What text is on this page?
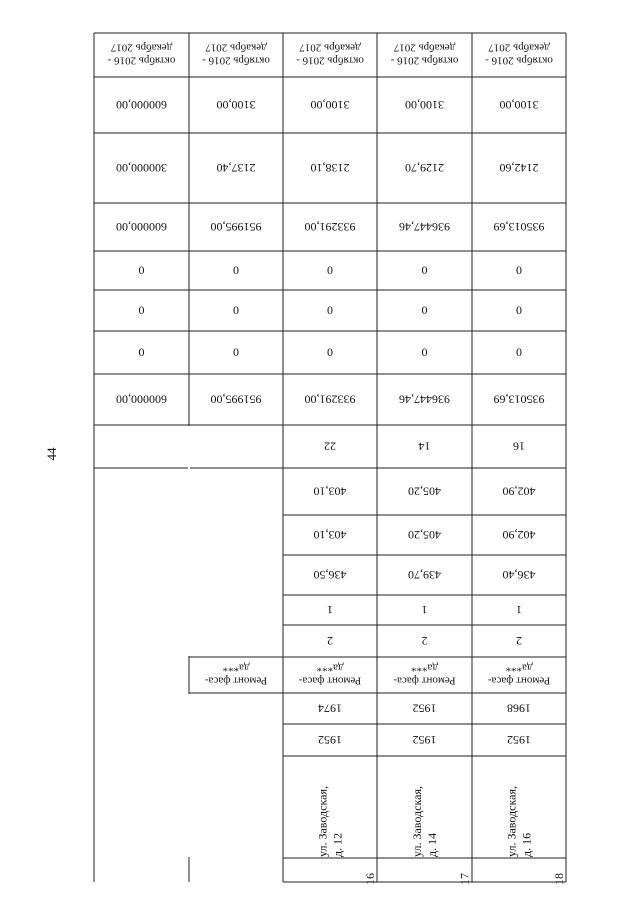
44
октябрь 2016 -
декабрь 2017
октябрь 2016 -
декабрь 2017
октябрь 2016 -
декабрь 2017
октябрь 2016 -
декабрь 2017
октябрь 2016 -
декабрь 2017
600000,00
300000,00
600000,00
0
0
0
600000,00
3100,00
2137,40
951995,00
0
0
0
951995,00
Ремонт фаса-
да***
3100,00
2138,10
933291,00
0
0
0
933291,00
22
403,10
403,10
436,50
1
2
Ремонт фаса-
да***
1974
1952
ул. Заводская, д. 12
16
3100,00
2129,70
936447,46
0
0
0
936447,46
14
405,20
405,20
439,70
1
2
Ремонт фаса-
да***
1952
1952
ул. Заводская, д. 14
17
3100,00
2142,60
935013,69
0
0
0
935013,69
16
402,90
402,90
436,40
1
2
Ремонт фаса-
да***
1968
1952
ул. Заводская, д. 16
18
